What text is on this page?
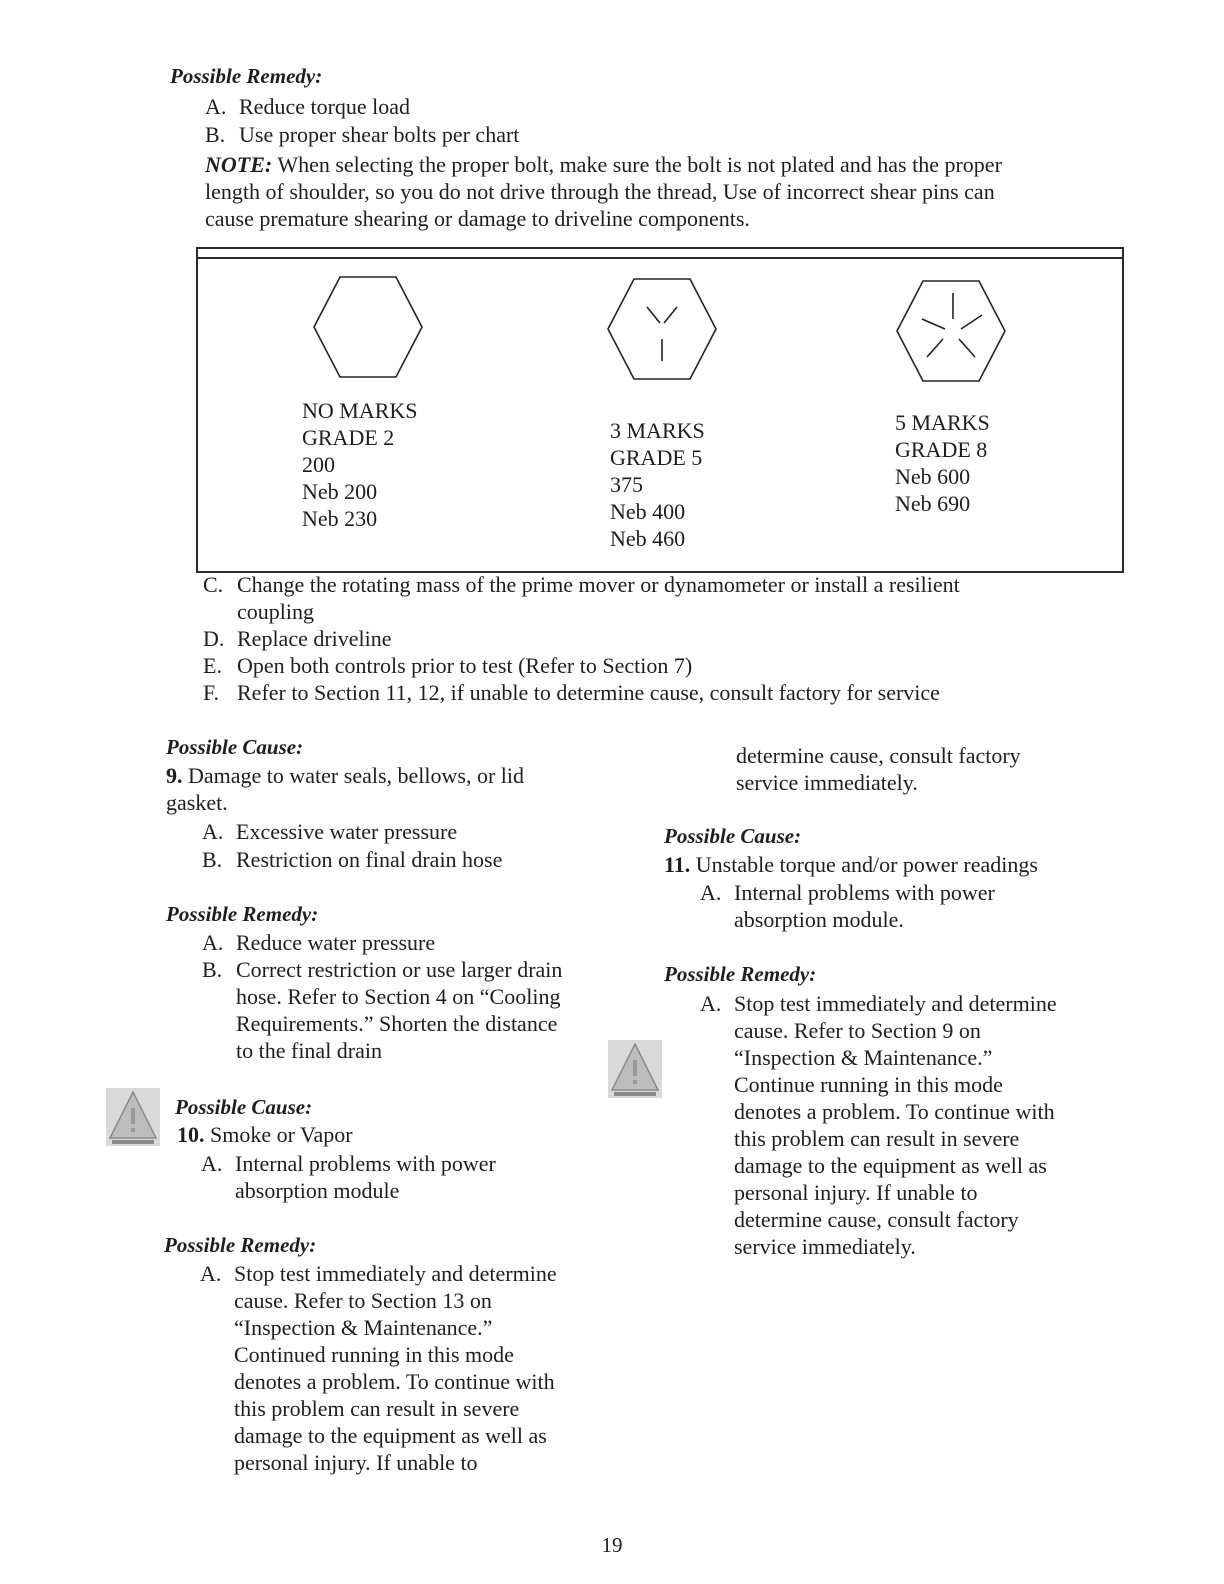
Possible Remedy:
A. Reduce torque load
B. Use proper shear bolts per chart
NOTE: When selecting the proper bolt, make sure the bolt is not plated and has the proper
length of shoulder, so you do not drive through the thread, Use of incorrect shear pins can
cause premature shearing or damage to driveline components.
NO MARKS
GRADE 2
200
Neb 200
Neb 230
3 MARKS
GRADE 5
375
Neb 400
Neb 460
5 MARKS
GRADE 8
Neb 600
Neb 690
C. Change the rotating mass of the prime mover or dynamometer or install a resilient
coupling
D. Replace driveline
E. Open both controls prior to test (Refer to Section 7)
F. Refer to Section 11, 12, if unable to determine cause, consult factory for service
Possible Cause:
9. Damage to water seals, bellows, or lid
gasket.
A. Excessive water pressure
B. Restriction on final drain hose
Possible Remedy:
A. Reduce water pressure
B. Correct restriction or use larger drain
hose. Refer to Section 4 on “Cooling
Requirements.” Shorten the distance
to the final drain
Possible Cause:
10. Smoke or Vapor
A. Internal problems with power
absorption module
Possible Remedy:
A. Stop test immediately and determine
cause. Refer to Section 13 on
“Inspection & Maintenance.”
Continued running in this mode
denotes a problem. To continue with
this problem can result in severe
damage to the equipment as well as
personal injury. If unable to
determine cause, consult factory
service immediately.
Possible Cause:
11. Unstable torque and/or power readings
A. Internal problems with power
absorption module.
Possible Remedy:
A. Stop test immediately and determine
cause. Refer to Section 9 on
“Inspection & Maintenance.”
Continue running in this mode
denotes a problem. To continue with
this problem can result in severe
damage to the equipment as well as
personal injury. If unable to
determine cause, consult factory
service immediately.
19
